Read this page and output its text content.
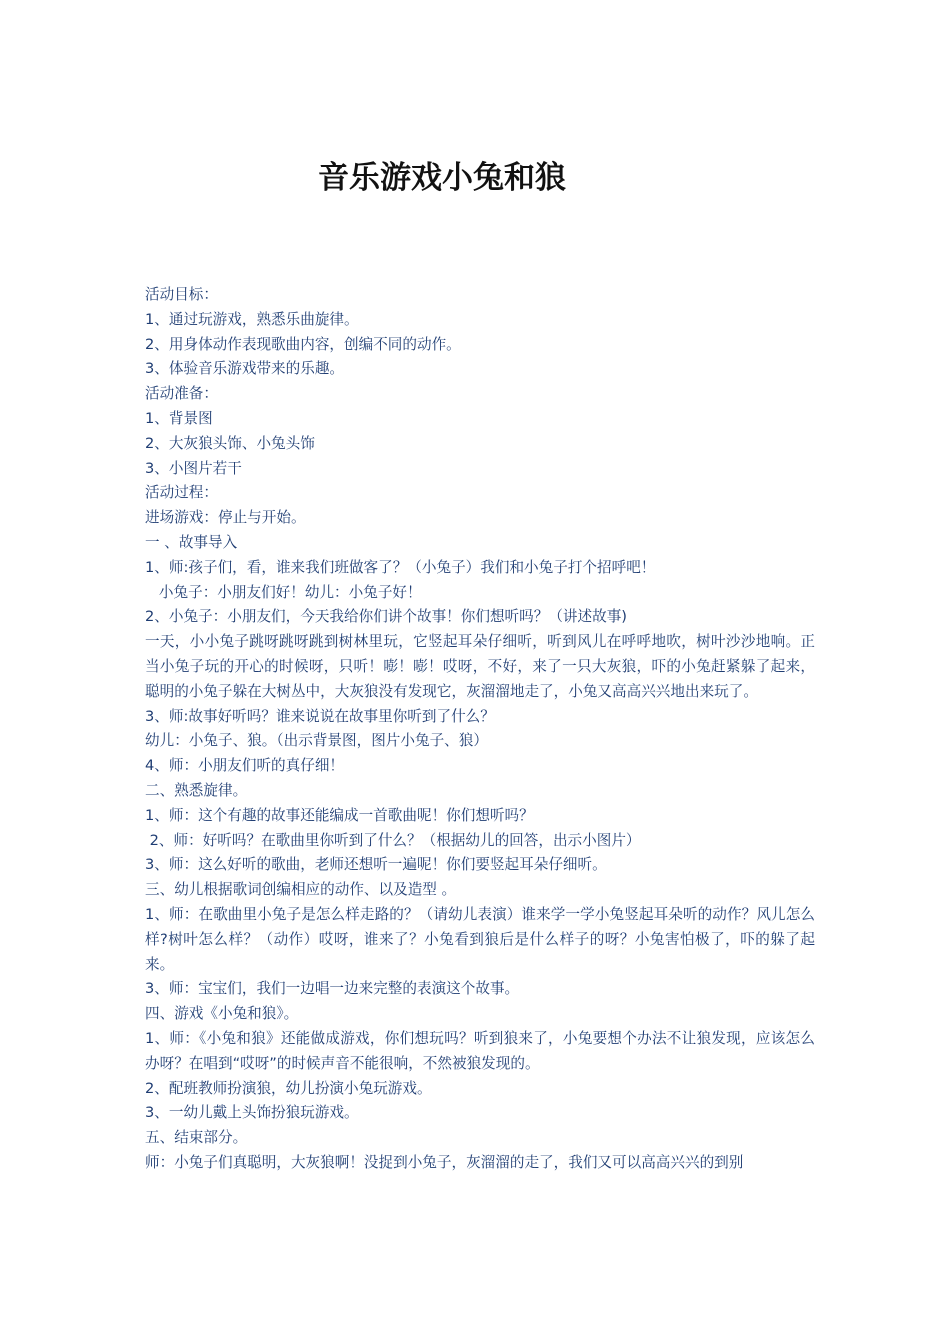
音乐游戏小兔和狼

活动目标：

1、通过玩游戏，熟悉乐曲旋律。

2、用身体动作表现歌曲内容，创编不同的动作。

3、体验音乐游戏带来的乐趣。

活动准备：

1、背景图

2、大灰狼头饰、小兔头饰

3、小图片若干

活动过程：

进场游戏：停止与开始。

一 、故事导入

1、师:孩子们，看，谁来我们班做客了？（小兔子）我们和小兔子打个招呼吧！

小兔子：小朋友们好！幼儿：小兔子好！

2、小兔子：小朋友们，今天我给你们讲个故事！你们想听吗？（讲述故事)

一天，小小兔子跳呀跳呀跳到树林里玩，它竖起耳朵仔细听，听到风儿在呼呼地吹，树叶沙沙地响。正当小兔子玩的开心的时候呀，只听！嘭！嘭！哎呀，不好，来了一只大灰狼，吓的小兔赶紧躲了起来，聪明的小兔子躲在大树丛中，大灰狼没有发现它，灰溜溜地走了，小兔又高高兴兴地出来玩了。

3、师:故事好听吗？谁来说说在故事里你听到了什么？

幼儿：小兔子、狼。（出示背景图，图片小兔子、狼）

4、师：小朋友们听的真仔细！

二、熟悉旋律。

1、师：这个有趣的故事还能编成一首歌曲呢！你们想听吗？

2、师：好听吗？在歌曲里你听到了什么？（根据幼儿的回答，出示小图片）

3、师：这么好听的歌曲，老师还想听一遍呢！你们要竖起耳朵仔细听。

三、幼儿根据歌词创编相应的动作、以及造型 。

1、师：在歌曲里小兔子是怎么样走路的？（请幼儿表演）谁来学一学小兔竖起耳朵听的动作？风儿怎么样?树叶怎么样？（动作）哎呀，谁来了？小兔看到狼后是什么样子的呀？小兔害怕极了，吓的躲了起来。

3、师：宝宝们，我们一边唱一边来完整的表演这个故事。

四、游戏《小兔和狼》。

1、师：《小兔和狼》还能做成游戏，你们想玩吗？听到狼来了，小兔要想个办法不让狼发现，应该怎么办呀？在唱到“哎呀”的时候声音不能很响，不然被狼发现的。

2、配班教师扮演狼，幼儿扮演小兔玩游戏。

3、一幼儿戴上头饰扮狼玩游戏。

五、结束部分。

师：小兔子们真聪明，大灰狼啊！没捉到小兔子，灰溜溜的走了，我们又可以高高兴兴的到别
